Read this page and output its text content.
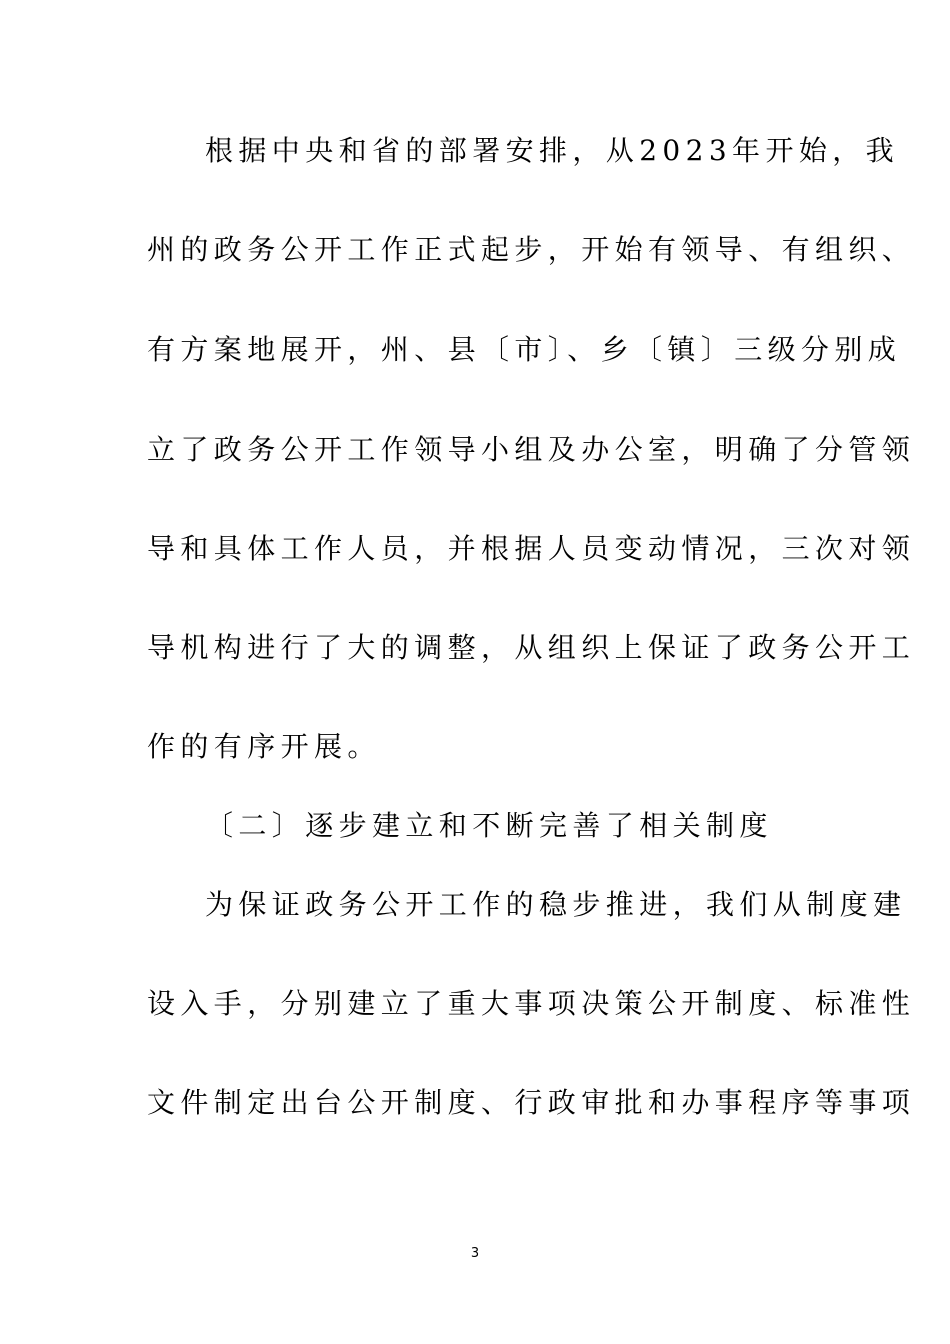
根据中央和省的部署安排，从2023年开始，我
州的政务公开工作正式起步，开始有领导、有组织、
有方案地展开，州、县〔市〕、乡〔镇〕三级分别成
立了政务公开工作领导小组及办公室，明确了分管领
导和具体工作人员，并根据人员变动情况，三次对领
导机构进行了大的调整，从组织上保证了政务公开工
作的有序开展。
〔二〕逐步建立和不断完善了相关制度
为保证政务公开工作的稳步推进，我们从制度建
设入手，分别建立了重大事项决策公开制度、标准性
文件制定出台公开制度、行政审批和办事程序等事项
3
